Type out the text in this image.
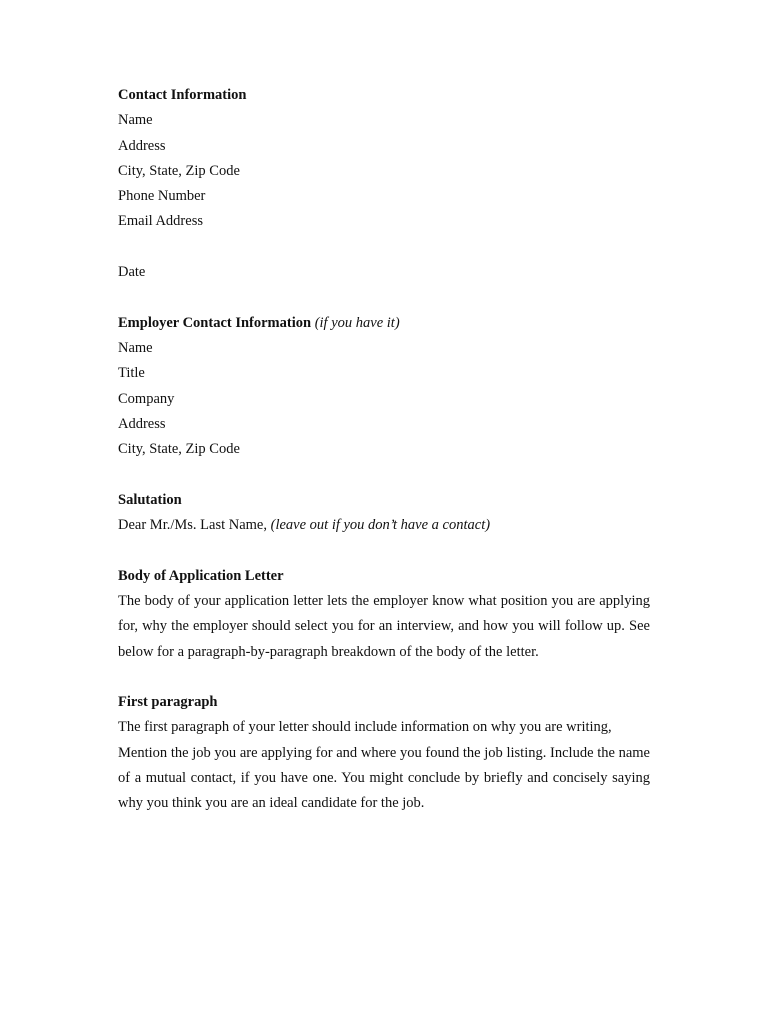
Contact Information
Name
Address
City, State, Zip Code
Phone Number
Email Address
Date
Employer Contact Information (if you have it)
Name
Title
Company
Address
City, State, Zip Code
Salutation
Dear Mr./Ms. Last Name, (leave out if you don’t have a contact)
Body of Application Letter
The body of your application letter lets the employer know what position you are applying
for, why the employer should select you for an interview, and how you will follow up. See
below for a paragraph-by-paragraph breakdown of the body of the letter.
First paragraph
The first paragraph of your letter should include information on why you are writing,
Mention the job you are applying for and where you found the job listing. Include the name
of a mutual contact, if you have one. You might conclude by briefly and concisely saying
why you think you are an ideal candidate for the job.
